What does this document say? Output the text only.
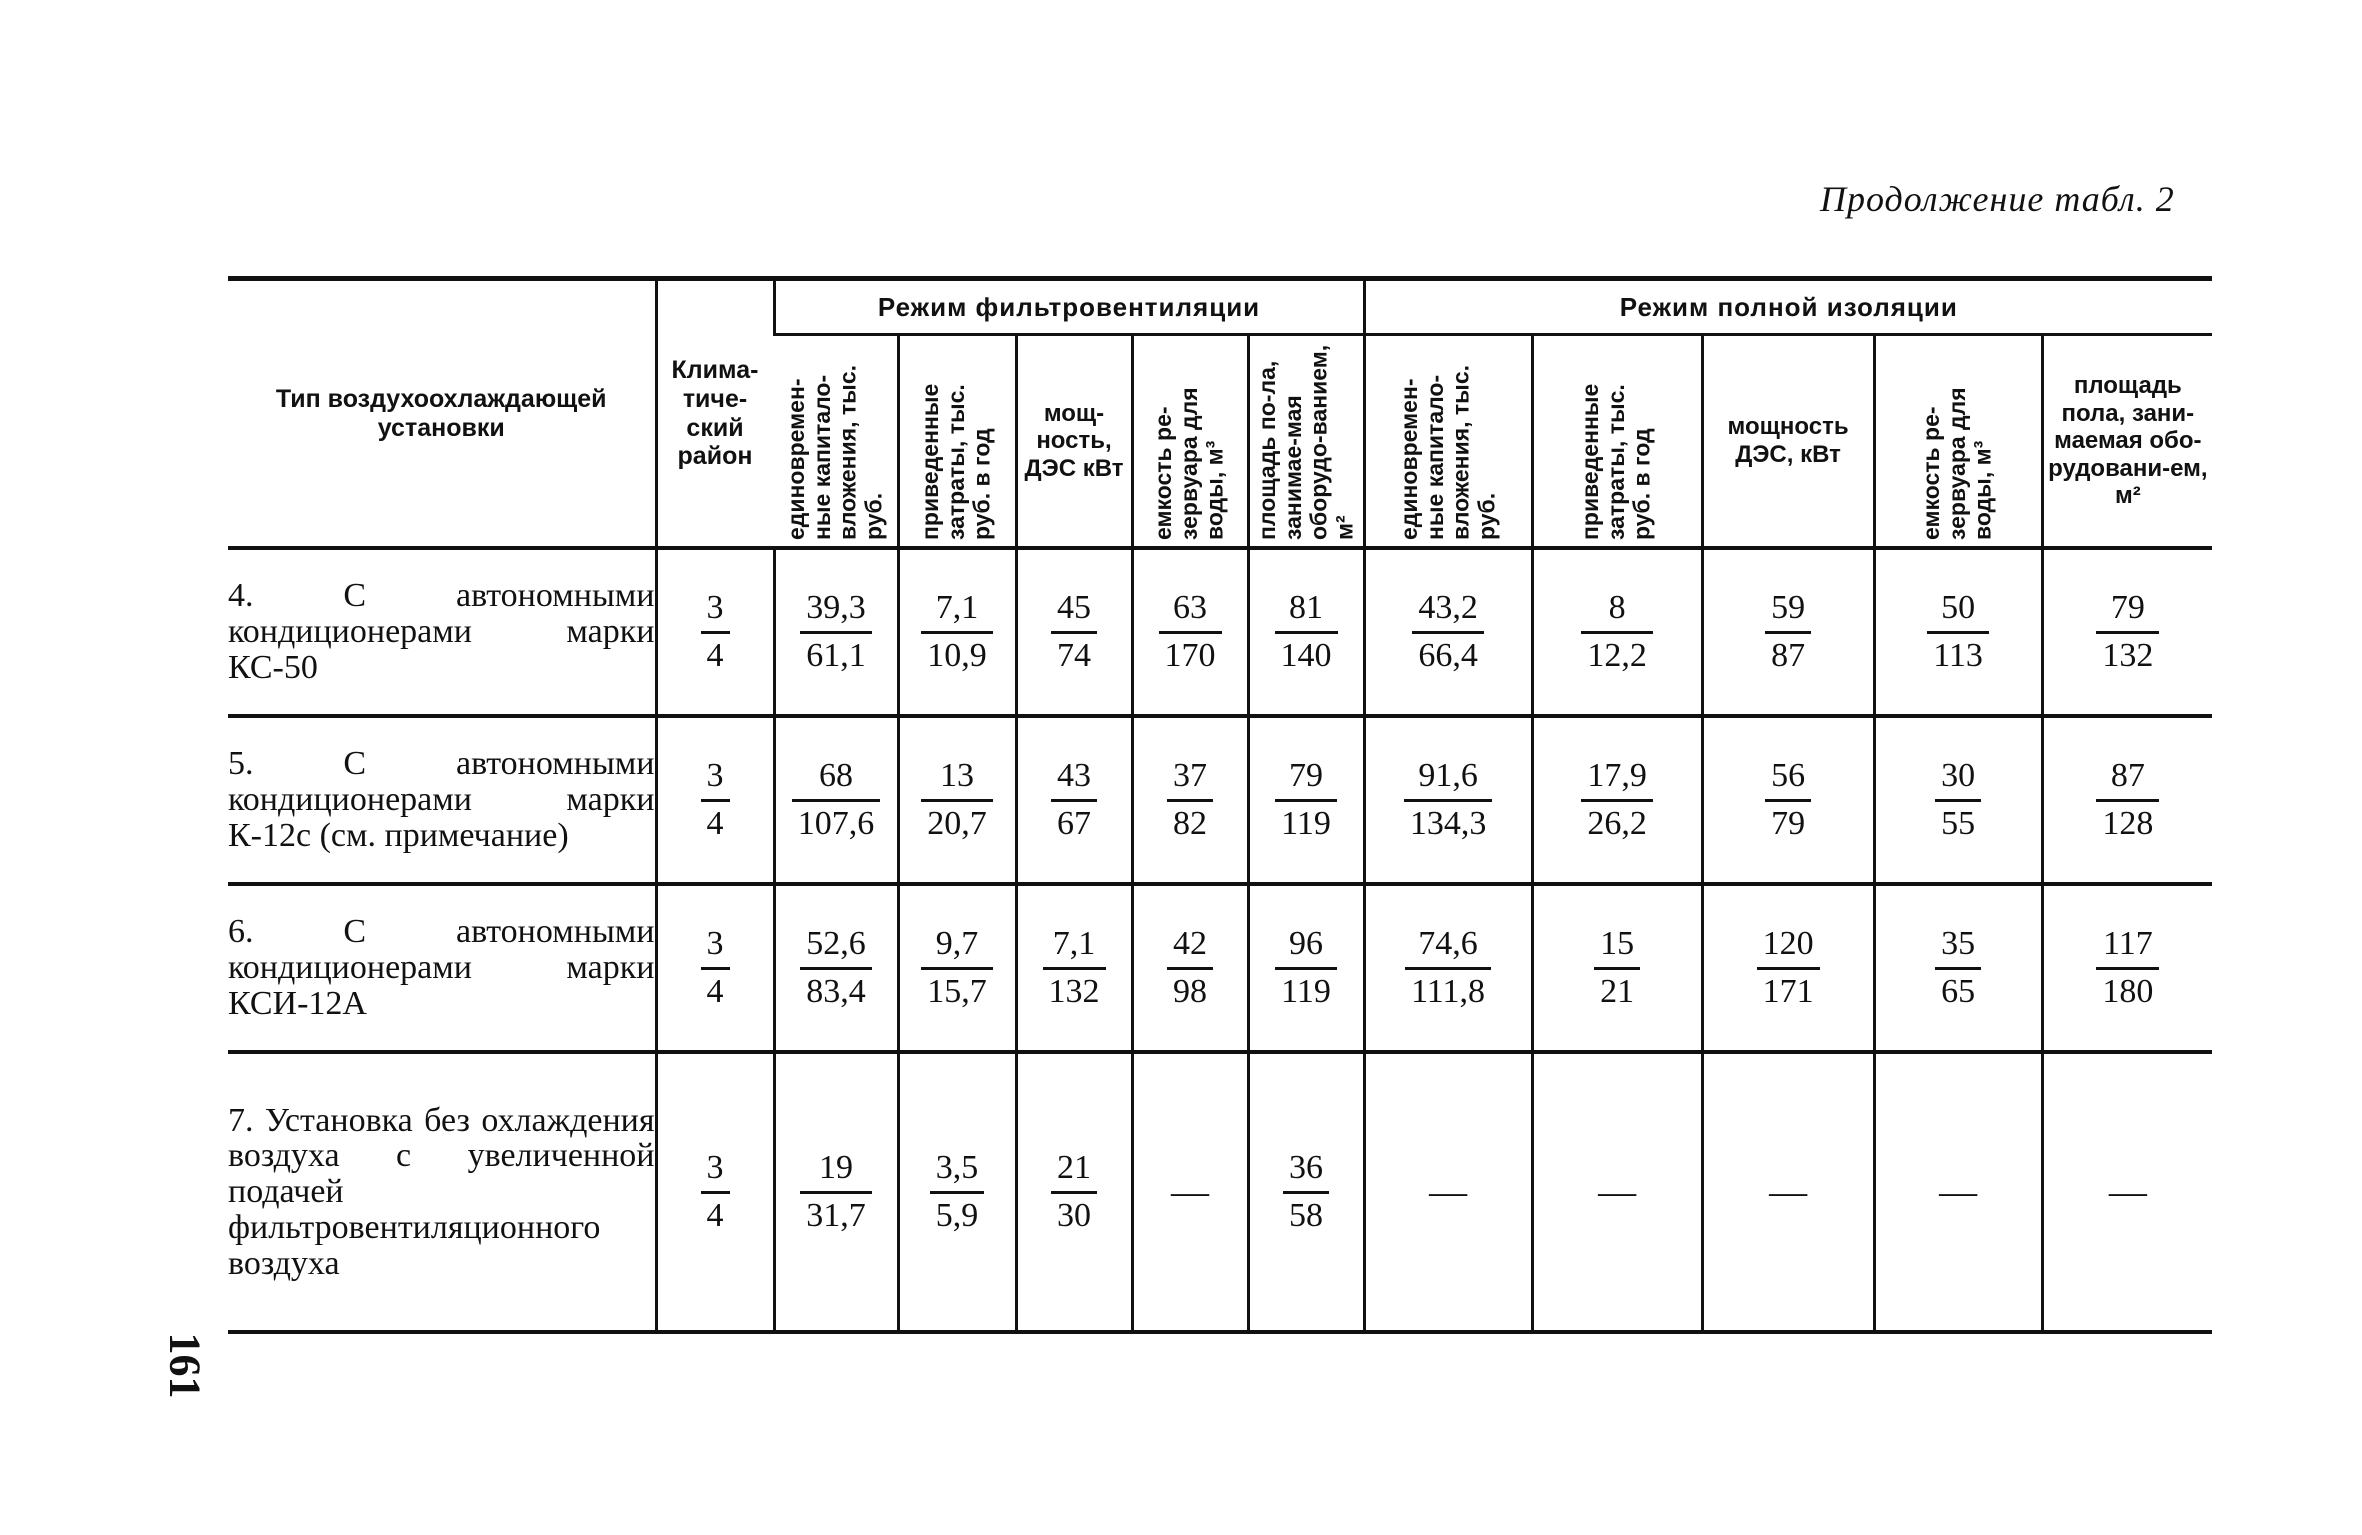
Продолжение табл. 2
Тип воздухоохлаждающей установки	Клима-тиче-ский район	Режим фильтровентиляции					Режим полной изоляции				
		единовремен-ные капитало-вложения, тыс. руб.	приведенные затраты, тыс. руб. в год	мощ-ность, ДЭС кВт	емкость ре-зервуара для воды, м³	площадь по-ла, занимае-мая оборудо-ванием, м²	единовремен-ные капитало-вложения, тыс. руб.	приведенные затраты, тыс. руб. в год	мощность ДЭС, кВт	емкость ре-зервуара для воды, м³	площадь пола, зани-маемая обо-рудовани-ем, м²
4. С автономными кондиционерами марки КС-50	$\frac{3}{4}$	$\frac{39,3}{61,1}$	$\frac{7,1}{10,9}$	$\frac{45}{74}$	$\frac{63}{170}$	$\frac{81}{140}$	$\frac{43,2}{66,4}$	$\frac{8}{12,2}$	$\frac{59}{87}$	$\frac{50}{113}$	$\frac{79}{132}$

5. С автономными кондиционерами марки К-12с (см. примечание)	$\frac{3}{4}$	$\frac{68}{107,6}$	$\frac{13}{20,7}$	$\frac{43}{67}$	$\frac{37}{82}$	$\frac{79}{119}$	$\frac{91,6}{134,3}$	$\frac{17,9}{26,2}$	$\frac{56}{79}$	$\frac{30}{55}$	$\frac{87}{128}$

6. С автономными кондиционерами марки КСИ-12А	$\frac{3}{4}$	$\frac{52,6}{83,4}$	$\frac{9,7}{15,7}$	$\frac{7,1}{132}$	$\frac{42}{98}$	$\frac{96}{119}$	$\frac{74,6}{111,8}$	$\frac{15}{21}$	$\frac{120}{171}$	$\frac{35}{65}$	$\frac{117}{180}$

7. Установка без охлаждения воздуха с увеличенной подачей фильтровентиляционного воздуха	$\frac{3}{4}$	$\frac{19}{31,7}$	$\frac{3,5}{5,9}$	$\frac{21}{30}$	—	$\frac{36}{58}$	—	—	—	—	—
161
